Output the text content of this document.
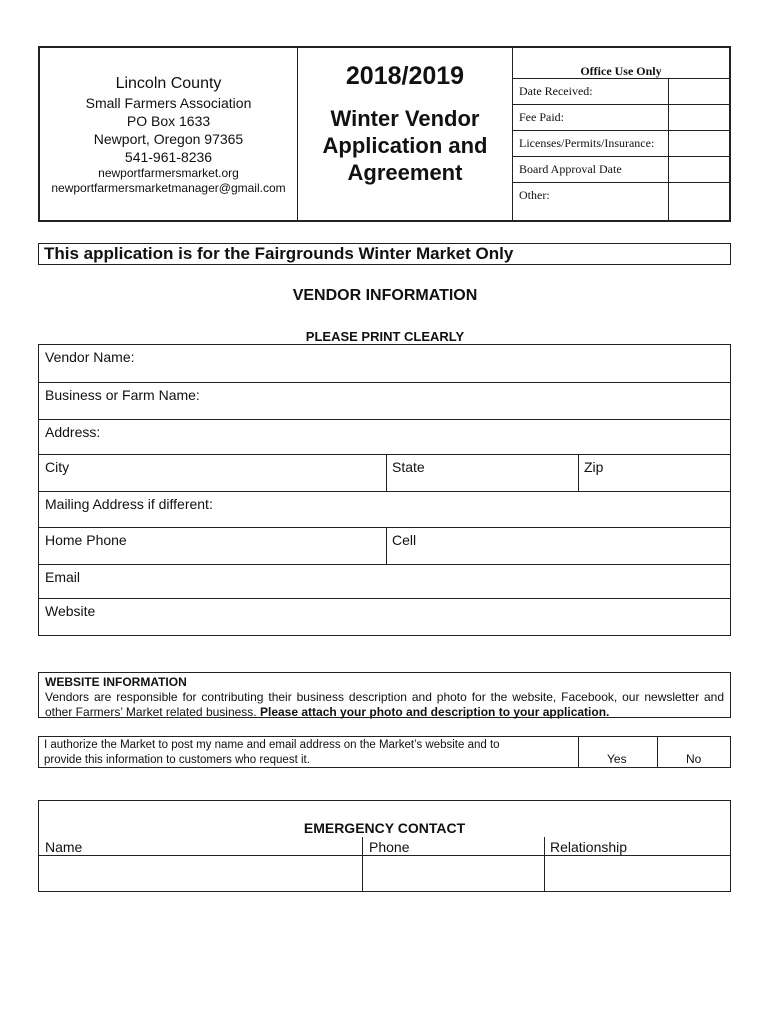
Lincoln County
Small Farmers Association
PO Box 1633
Newport, Oregon 97365
541-961-8236
newportfarmersmarket.org
newportfarmersmarketmanager@gmail.com
2018/2019
Winter Vendor
Application and
Agreement
Office Use Only
Date Received:
Fee Paid:
Licenses/Permits/Insurance:
Board Approval Date
Other:
This application is for the Fairgrounds Winter Market Only
VENDOR INFORMATION
PLEASE PRINT CLEARLY
Vendor Name:
Business or Farm Name:
Address:
City	State	Zip
Mailing Address if different:
Home Phone	Cell
Email
Website
WEBSITE INFORMATION
Vendors are responsible for contributing their business description and photo for the website, Facebook, our newsletter and other Farmers’ Market related business. Please attach your photo and description to your application.
I authorize the Market to post my name and email address on the Market’s website and to
provide this information to customers who request it.	Yes	No
EMERGENCY CONTACT
Name	Phone	Relationship
